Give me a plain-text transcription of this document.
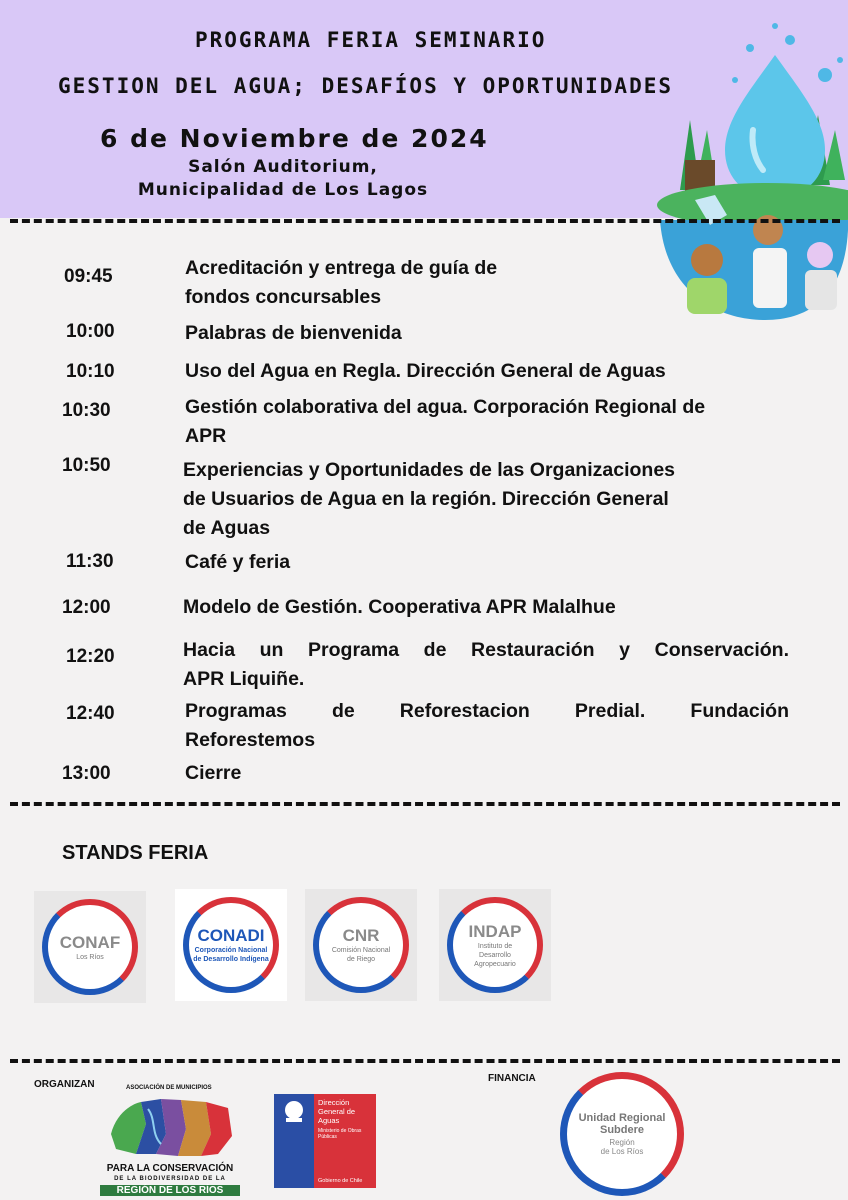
PROGRAMA FERIA SEMINARIO
GESTION DEL AGUA; DESAFÍOS Y OPORTUNIDADES
6 de Noviembre de 2024
Salón Auditorium,
Municipalidad de Los Lagos
09:45	Acreditación y entrega de guía de
fondos concursables
10:00	Palabras de bienvenida
10:10	Uso del Agua en Regla. Dirección General de Aguas
10:30	Gestión colaborativa del agua. Corporación Regional de
APR
10:50	Experiencias y Oportunidades de las Organizaciones
de Usuarios de Agua en la región. Dirección General
de Aguas
11:30	Café y feria
12:00	Modelo de Gestión. Cooperativa APR Malalhue
12:20	Hacia un Programa de Restauración y Conservación.
APR Liquiñe.
12:40	Programas de Reforestacion Predial. Fundación
Reforestemos
13:00	Cierre
STANDS FERIA
CONAF
Los Ríos
CONADI
Corporación Nacional
de Desarrollo Indígena
CNR
Comisión Nacional
de Riego
INDAP
Instituto de
Desarrollo
Agropecuario
ORGANIZAN
FINANCIA
ASOCIACIÓN DE MUNICIPIOS
PARA LA CONSERVACIÓN
DE LA BIODIVERSIDAD DE LA
REGIÓN DE LOS RÍOS
Dirección General de Aguas
Ministerio de Obras Públicas
Gobierno de Chile
Unidad Regional
Subdere
Región
de Los Ríos
